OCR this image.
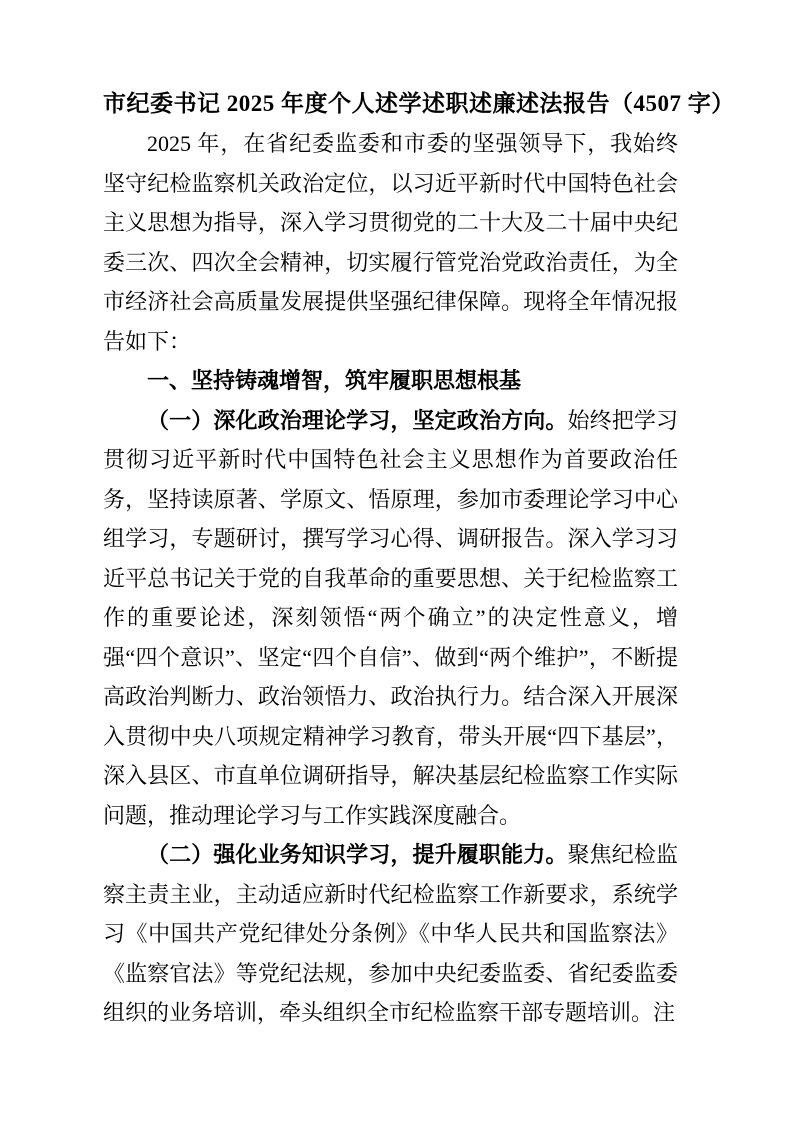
市纪委书记 2025 年度个人述学述职述廉述法报告（4507 字）

2025 年，在省纪委监委和市委的坚强领导下，我始终坚守纪检监察机关政治定位，以习近平新时代中国特色社会主义思想为指导，深入学习贯彻党的二十大及二十届中央纪委三次、四次全会精神，切实履行管党治党政治责任，为全市经济社会高质量发展提供坚强纪律保障。现将全年情况报告如下：

一、坚持铸魂增智，筑牢履职思想根基

（一）深化政治理论学习，坚定政治方向。始终把学习贯彻习近平新时代中国特色社会主义思想作为首要政治任务，坚持读原著、学原文、悟原理，参加市委理论学习中心组学习，专题研讨，撰写学习心得、调研报告。深入学习习近平总书记关于党的自我革命的重要思想、关于纪检监察工作的重要论述，深刻领悟“两个确立”的决定性意义，增强“四个意识”、坚定“四个自信”、做到“两个维护”，不断提高政治判断力、政治领悟力、政治执行力。结合深入开展深入贯彻中央八项规定精神学习教育，带头开展“四下基层”，深入县区、市直单位调研指导，解决基层纪检监察工作实际问题，推动理论学习与工作实践深度融合。

（二）强化业务知识学习，提升履职能力。聚焦纪检监察主责主业，主动适应新时代纪检监察工作新要求，系统学习《中国共产党纪律处分条例》《中华人民共和国监察法》《监察官法》等党纪法规，参加中央纪委监委、省纪委监委组织的业务培训，牵头组织全市纪检监察干部专题培训。注
